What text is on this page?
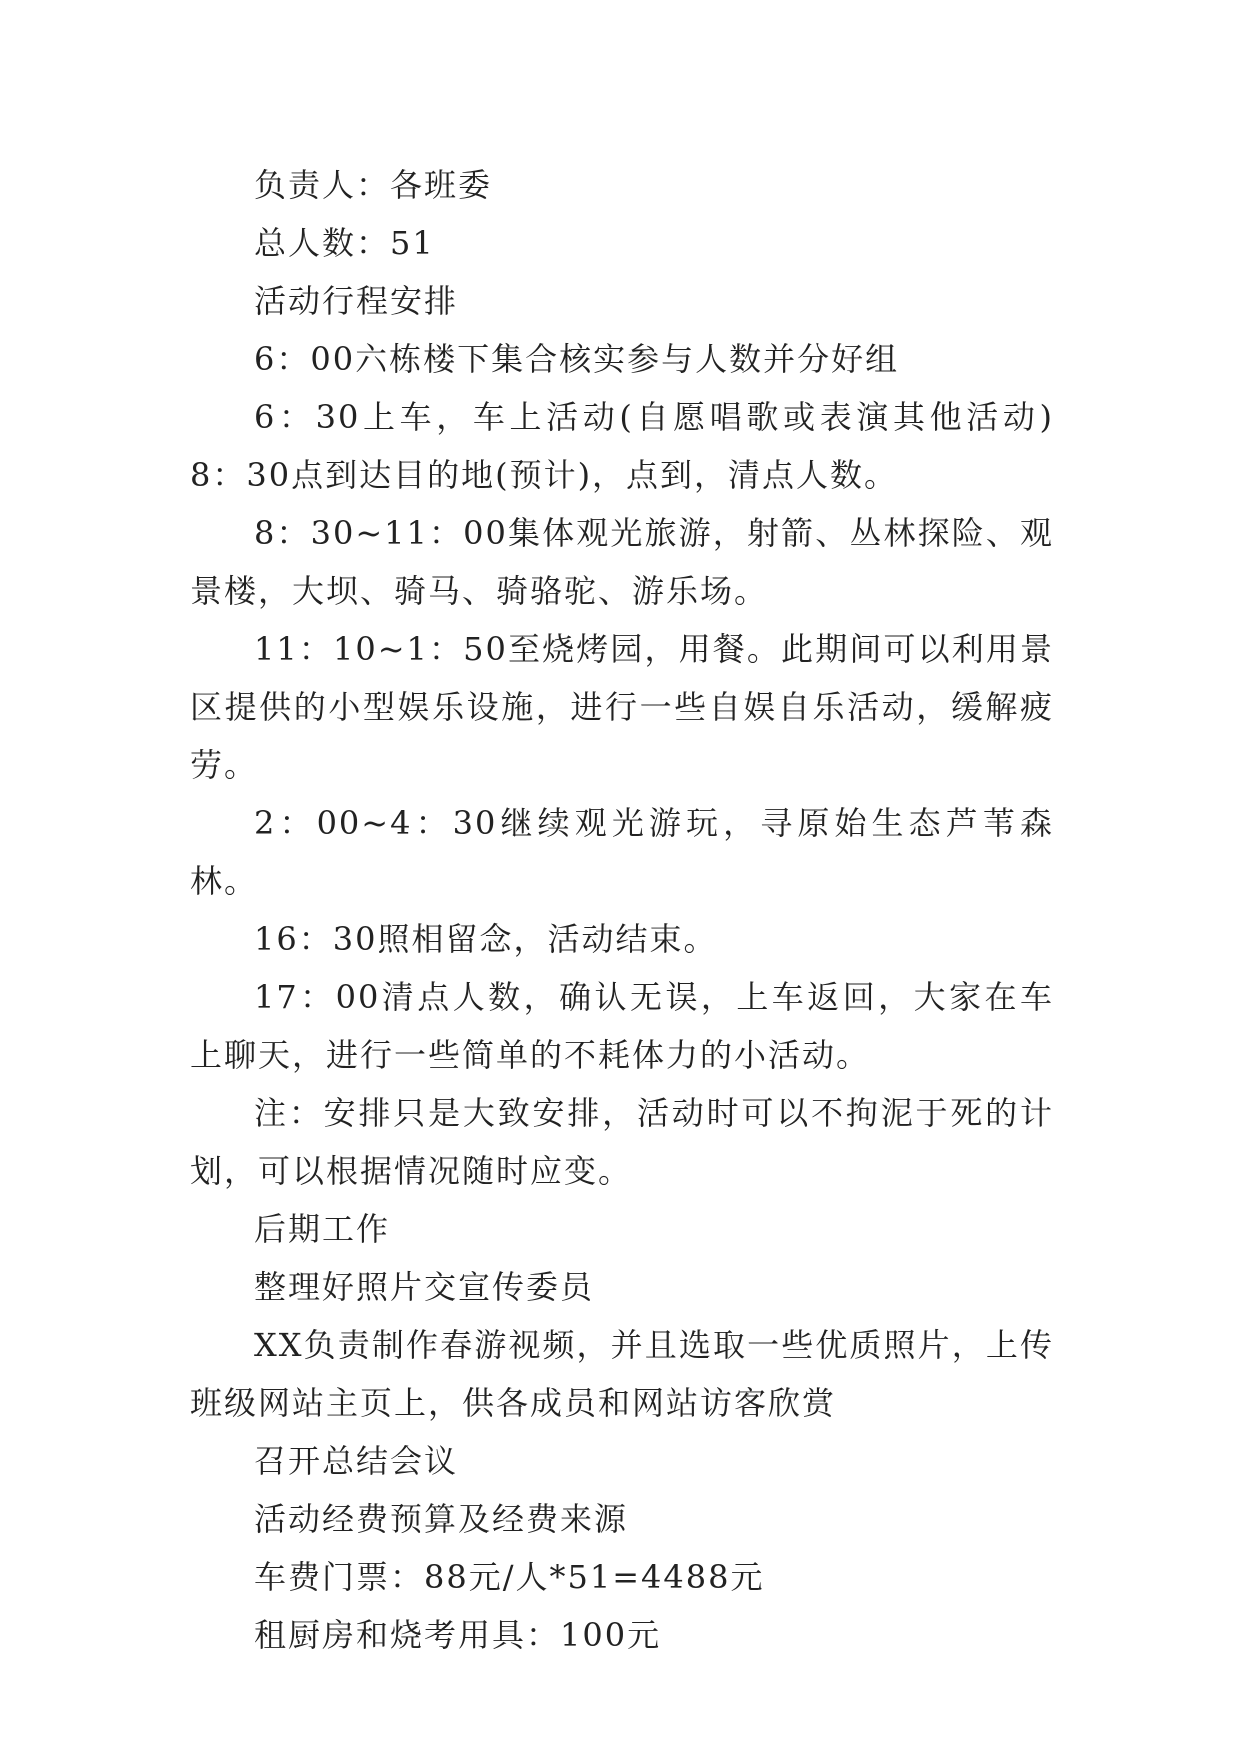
负责人：各班委

总人数：51

活动行程安排

6：00六栋楼下集合核实参与人数并分好组

6：30上车，车上活动(自愿唱歌或表演其他活动) 8：30点到达目的地(预计)，点到，清点人数。

8：30~11：00集体观光旅游，射箭、丛林探险、观景楼，大坝、骑马、骑骆驼、游乐场。

11：10~1：50至烧烤园，用餐。此期间可以利用景区提供的小型娱乐设施，进行一些自娱自乐活动，缓解疲劳。

2：00~4：30继续观光游玩，寻原始生态芦苇森林。

16：30照相留念，活动结束。

17：00清点人数，确认无误，上车返回，大家在车上聊天，进行一些简单的不耗体力的小活动。

注：安排只是大致安排，活动时可以不拘泥于死的计划，可以根据情况随时应变。

后期工作

整理好照片交宣传委员

XX负责制作春游视频，并且选取一些优质照片，上传班级网站主页上，供各成员和网站访客欣赏

召开总结会议

活动经费预算及经费来源

车费门票：88元/人*51=4488元

租厨房和烧考用具：100元
